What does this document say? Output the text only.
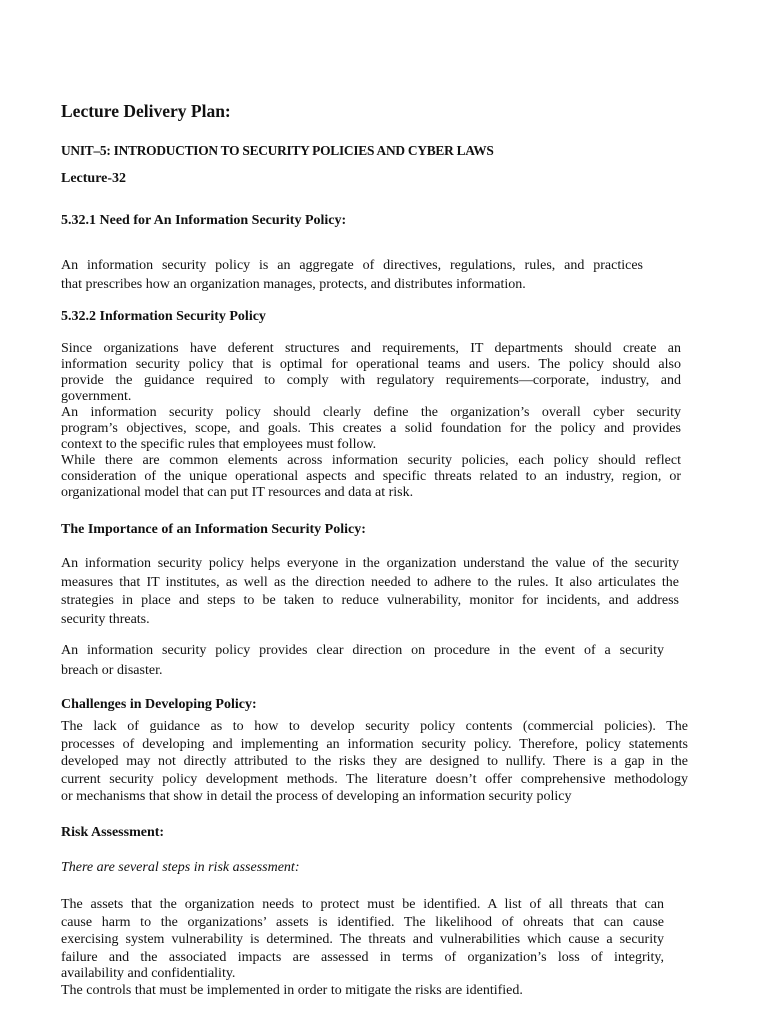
Lecture Delivery Plan:
UNIT–5: INTRODUCTION TO SECURITY POLICIES AND CYBER LAWS
Lecture-32
5.32.1 Need for An Information Security Policy:
An information security policy is an aggregate of directives, regulations, rules, and practices
that prescribes how an organization manages, protects, and distributes information.
5.32.2 Information Security Policy
Since organizations have deferent structures and requirements, IT departments should create an
information security policy that is optimal for operational teams and users. The policy should also
provide the guidance required to comply with regulatory requirements—corporate, industry, and
government.
An information security policy should clearly define the organization’s overall cyber security
program’s objectives, scope, and goals. This creates a solid foundation for the policy and provides
context to the specific rules that employees must follow.
While there are common elements across information security policies, each policy should reflect
consideration of the unique operational aspects and specific threats related to an industry, region, or
organizational model that can put IT resources and data at risk.
The Importance of an Information Security Policy:
An information security policy helps everyone in the organization understand the value of the security
measures that IT institutes, as well as the direction needed to adhere to the rules. It also articulates the
strategies in place and steps to be taken to reduce vulnerability, monitor for incidents, and address
security threats.
An information security policy provides clear direction on procedure in the event of a security
breach or disaster.
Challenges in Developing Policy:
The lack of guidance as to how to develop security policy contents (commercial policies). The
processes of developing and implementing an information security policy. Therefore, policy statements
developed may not directly attributed to the risks they are designed to nullify. There is a gap in the
current security policy development methods. The literature doesn’t offer comprehensive methodology
or mechanisms that show in detail the process of developing an information security policy
Risk Assessment:
There are several steps in risk assessment:
The assets that the organization needs to protect must be identified. A list of all threats that can
cause harm to the organizations’ assets is identified. The likelihood of ohreats that can cause
exercising system vulnerability is determined. The threats and vulnerabilities which cause a security
failure and the associated impacts are assessed in terms of organization’s loss of integrity,
availability and confidentiality.
The controls that must be implemented in order to mitigate the risks are identified.
